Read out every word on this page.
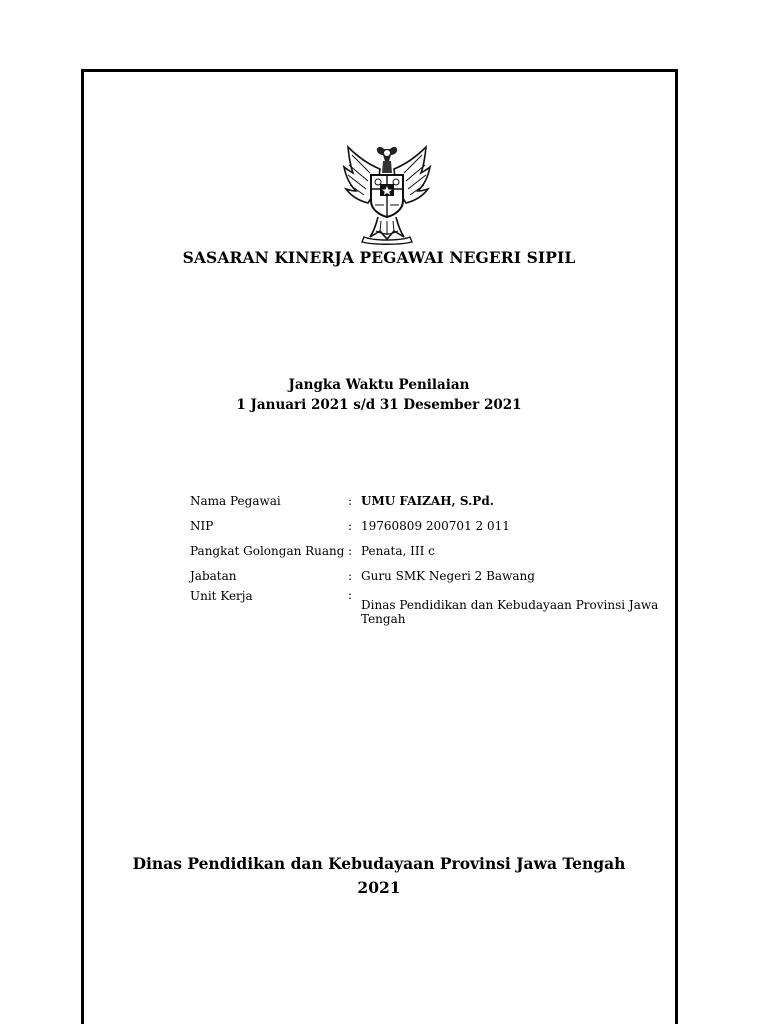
SASARAN KINERJA PEGAWAI NEGERI SIPIL
Jangka Waktu Penilaian
1 Januari 2021 s/d 31 Desember 2021
Nama Pegawai	: UMU FAIZAH, S.Pd.
NIP	: 19760809 200701 2 011
Pangkat Golongan Ruang : Penata, III c
Jabatan	: Guru SMK Negeri 2 Bawang
Unit Kerja	:
Dinas Pendidikan dan Kebudayaan Provinsi Jawa Tengah
Dinas Pendidikan dan Kebudayaan Provinsi Jawa Tengah
2021
